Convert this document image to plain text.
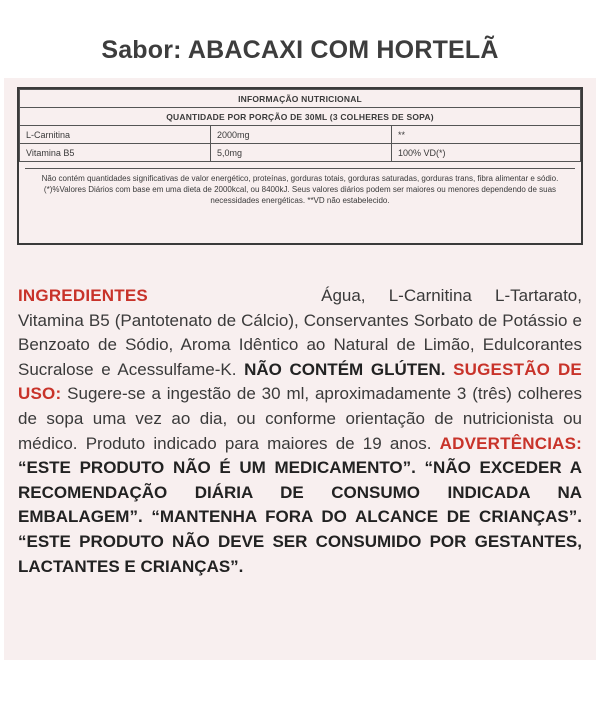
Sabor: ABACAXI COM HORTELÃ
INFORMAÇÃO NUTRICIONAL		
QUANTIDADE POR PORÇÃO DE 30ML (3 COLHERES DE SOPA)		
L-Carnitina	2000mg	**
Vitamina B5	5,0mg	100% VD(*)
Não contém quantidades significativas de valor energético, proteínas, gorduras totais, gorduras saturadas, gorduras trans, fibra alimentar e sódio. (*)%Valores Diários com base em uma dieta de 2000kcal, ou 8400kJ. Seus valores diários podem ser maiores ou menores dependendo de suas necessidades energéticas. **VD não estabelecido.
INGREDIENTES	Água, L-Carnitina L-Tartarato, Vitamina B5 (Pantotenato de Cálcio), Conservantes Sorbato de Potássio e Benzoato de Sódio, Aroma Idêntico ao Natural de Limão, Edulcorantes Sucralose e Acessulfame-K. NÃO CONTÉM GLÚTEN. SUGESTÃO DE USO: Sugere-se a ingestão de 30 ml, aproximadamente 3 (três) colheres de sopa uma vez ao dia, ou conforme orientação de nutricionista ou médico. Produto indicado para maiores de 19 anos. ADVERTÊNCIAS: “ESTE PRODUTO NÃO É UM MEDICAMENTO”. “NÃO EXCEDER A RECOMENDAÇÃO DIÁRIA DE CONSUMO INDICADA NA EMBALAGEM”. “MANTENHA FORA DO ALCANCE DE CRIANÇAS”. “ESTE PRODUTO NÃO DEVE SER CONSUMIDO POR GESTANTES, LACTANTES E CRIANÇAS”.
